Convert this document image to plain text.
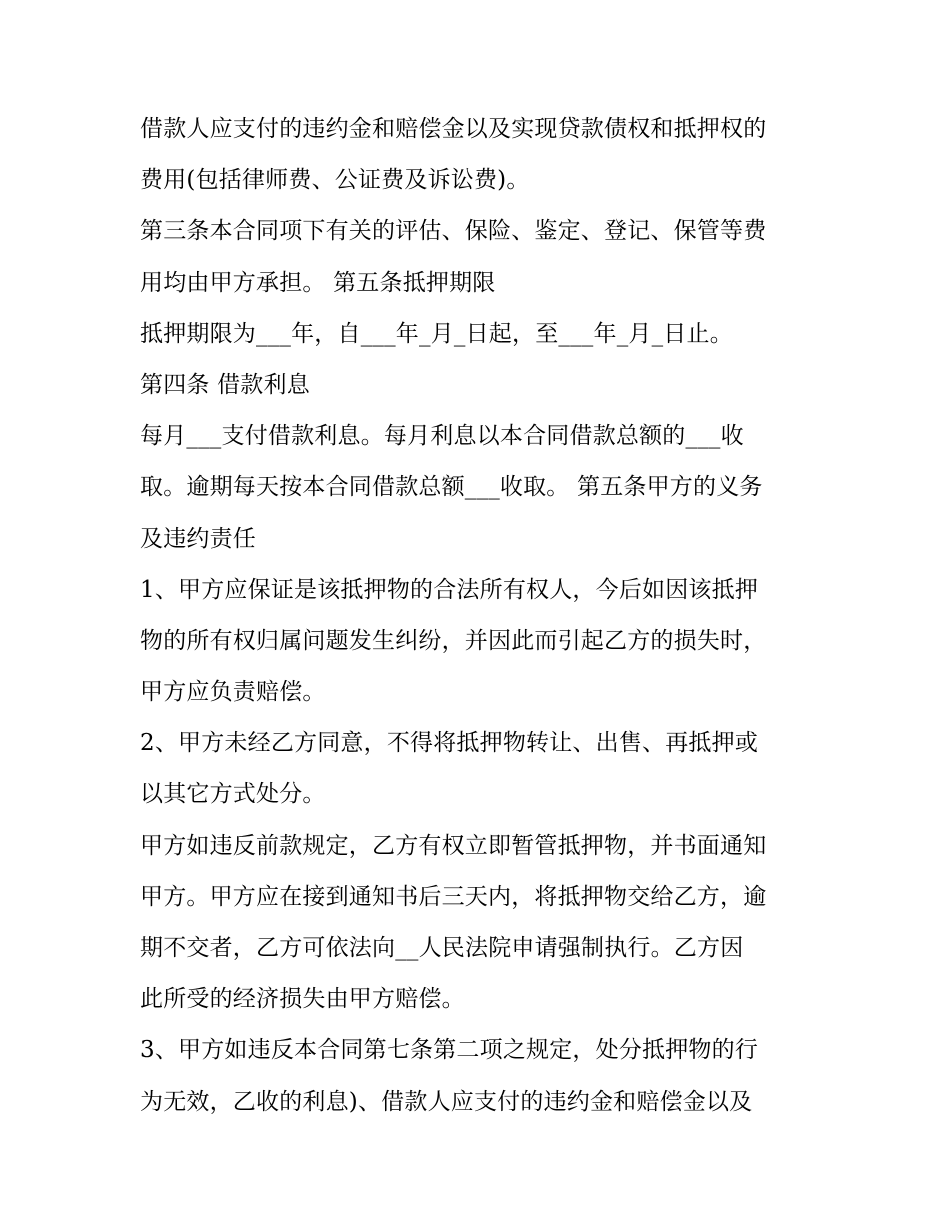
借款人应支付的违约金和赔偿金以及实现贷款债权和抵押权的
费用(包括律师费、公证费及诉讼费)。
第三条本合同项下有关的评估、保险、鉴定、登记、保管等费
用均由甲方承担。 第五条抵押期限
抵押期限为___年，自___年_月_日起，至___年_月_日止。
第四条 借款利息
每月___支付借款利息。每月利息以本合同借款总额的___收
取。逾期每天按本合同借款总额___收取。 第五条甲方的义务
及违约责任
1、甲方应保证是该抵押物的合法所有权人，今后如因该抵押
物的所有权归属问题发生纠纷，并因此而引起乙方的损失时，
甲方应负责赔偿。
2、甲方未经乙方同意，不得将抵押物转让、出售、再抵押或
以其它方式处分。
甲方如违反前款规定，乙方有权立即暂管抵押物，并书面通知
甲方。甲方应在接到通知书后三天内，将抵押物交给乙方，逾
期不交者，乙方可依法向__人民法院申请强制执行。乙方因
此所受的经济损失由甲方赔偿。
3、甲方如违反本合同第七条第二项之规定，处分抵押物的行
为无效，乙收的利息)、借款人应支付的违约金和赔偿金以及
